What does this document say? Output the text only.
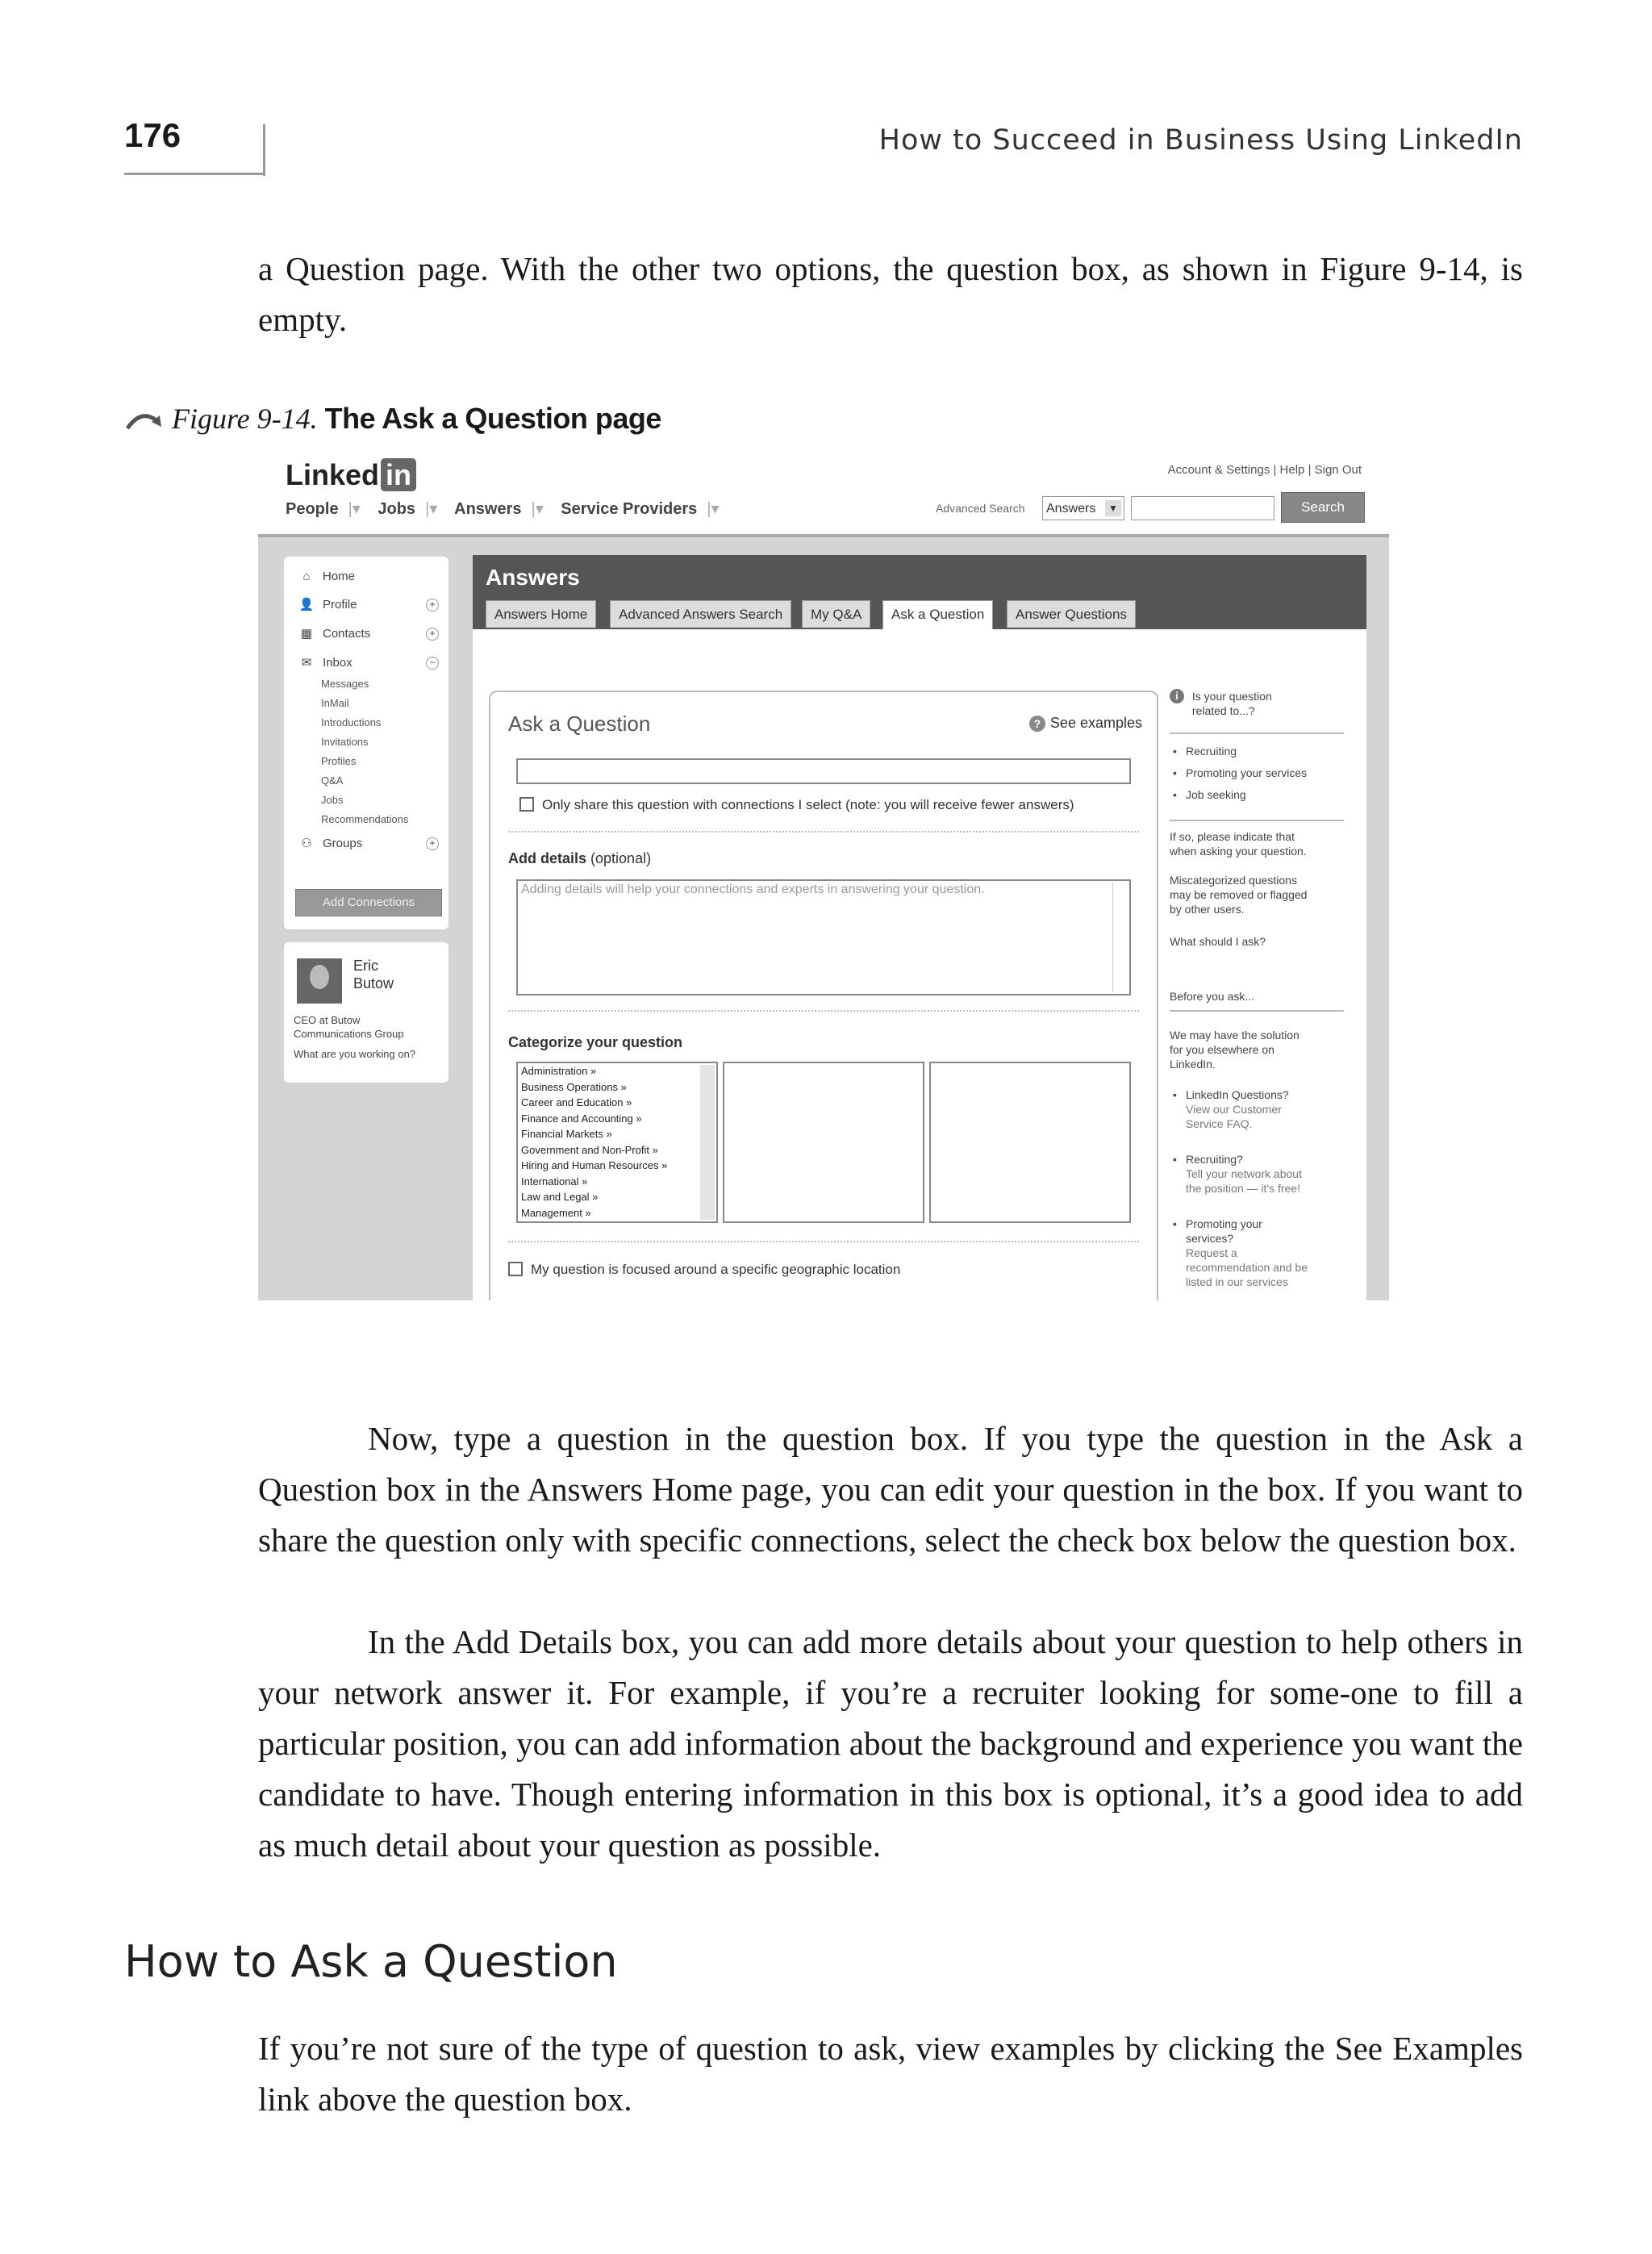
176	How to Succeed in Business Using LinkedIn
a Question page. With the other two options, the question box, as shown in Figure 9-14, is empty.
Figure 9-14. The Ask a Question page
Linked in	Account & Settings | Help | Sign Out
People |▾ Jobs |▾ Answers |▾ Service Providers |▾	Advanced Search	Answers	▼	Search
⌂ Home
👤 Profile	+
▦ Contacts	+
✉ Inbox	−
Messages
InMail
Introductions
Invitations
Profiles
Q&A
Jobs
Recommendations
⚇ Groups	+
Add Connections
Eric
Butow
CEO at Butow
Communications Group
What are you working on?
Answers
Answers Home	Advanced Answers Search	My Q&A	Ask a Question	Answer Questions
Ask a Question	? See examples
Only share this question with connections I select (note: you will receive fewer answers)
Add details (optional)
Adding details will help your connections and experts in answering your question.
Categorize your question
Administration »
Business Operations »
Career and Education »
Finance and Accounting »
Financial Markets »
Government and Non-Profit »
Hiring and Human Resources »
International »
Law and Legal »
Management »
My question is focused around a specific geographic location
i Is your question
related to...?
• Recruiting
• Promoting your services
• Job seeking
If so, please indicate that
when asking your question.
Miscategorized questions
may be removed or flagged
by other users.
What should I ask?
Before you ask...
We may have the solution
for you elsewhere on
LinkedIn.
• LinkedIn Questions?
View our Customer
Service FAQ.
• Recruiting?
Tell your network about
the position — it's free!
• Promoting your
services?
Request a
recommendation and be
listed in our services
Now, type a question in the question box. If you type the question in the Ask a Question box in the Answers Home page, you can edit your question in the box. If you want to share the question only with specific connections, select the check box below the question box.
In the Add Details box, you can add more details about your question to help others in your network answer it. For example, if you’re a recruiter looking for some-one to fill a particular position, you can add information about the background and experience you want the candidate to have. Though entering information in this box is optional, it’s a good idea to add as much detail about your question as possible.
How to Ask a Question
If you’re not sure of the type of question to ask, view examples by clicking the See Examples link above the question box.
